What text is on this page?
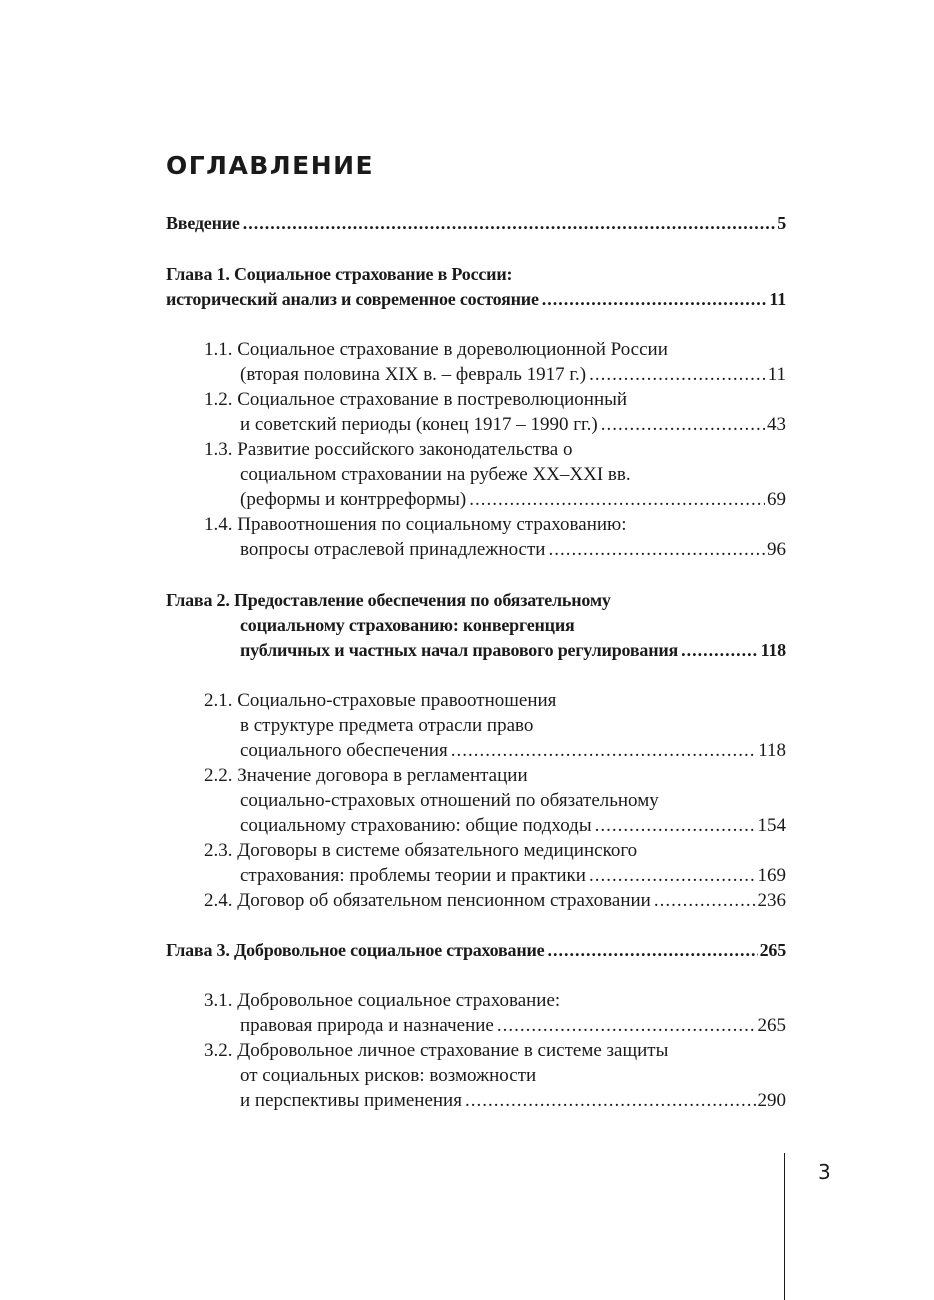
ОГЛАВЛЕНИЕ
Введение .....	5
Глава 1. Социальное страхование в России:
исторический анализ и современное состояние .....	11
1.1. Социальное страхование в дореволюционной России
(вторая половина XIX в. – февраль 1917 г.) .....	11
1.2. Социальное страхование в постреволюционный
и советский периоды (конец 1917 – 1990 гг.) .....	43
1.3. Развитие российского законодательства о
социальном страховании на рубеже XX–XXI вв.
(реформы и контрреформы) .....	69
1.4. Правоотношения по социальному страхованию:
вопросы отраслевой принадлежности .....	96
Глава 2. Предоставление обеспечения по обязательному
социальному страхованию: конвергенция
публичных и частных начал правового регулирования .....	118
2.1. Социально-страховые правоотношения
в структуре предмета отрасли право
социального обеспечения .....	118
2.2. Значение договора в регламентации
социально-страховых отношений по обязательному
социальному страхованию: общие подходы .....	154
2.3. Договоры в системе обязательного медицинского
страхования: проблемы теории и практики .....	169
2.4. Договор об обязательном пенсионном страховании .....	236
Глава 3. Добровольное социальное страхование .....	265
3.1. Добровольное социальное страхование:
правовая природа и назначение .....	265
3.2. Добровольное личное страхование в системе защиты
от социальных рисков: возможности
и перспективы применения .....	290
3
